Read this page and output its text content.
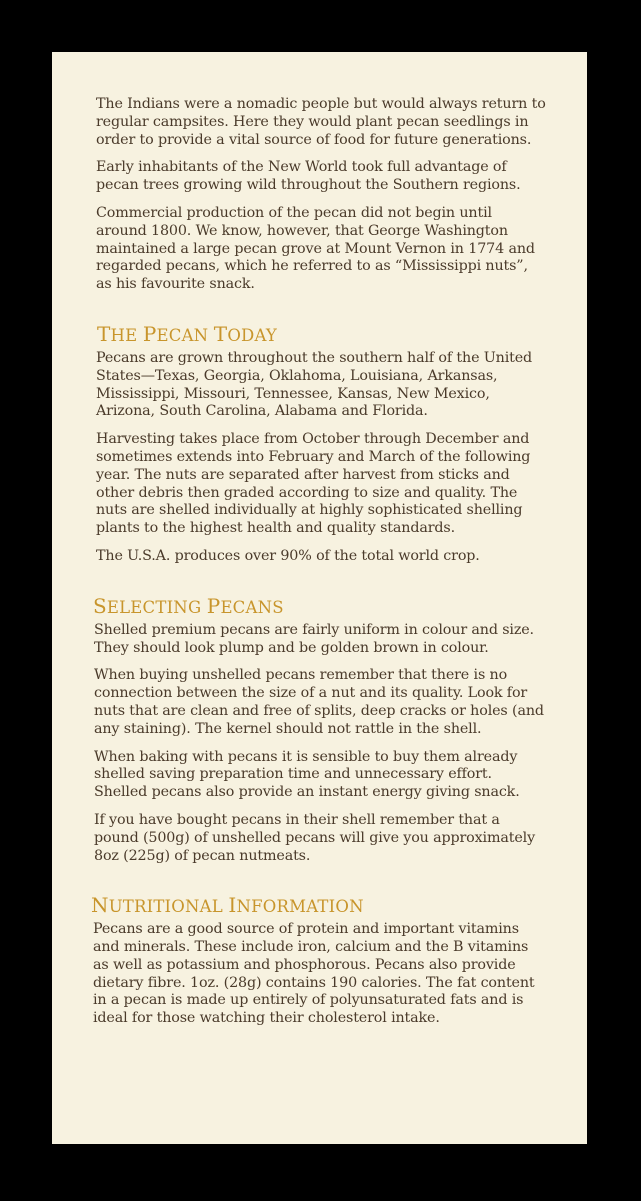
The Indians were a nomadic people but would always return to regular campsites. Here they would plant pecan seedlings in order to provide a vital source of food for future generations.

Early inhabitants of the New World took full advantage of pecan trees growing wild throughout the Southern regions.

Commercial production of the pecan did not begin until around 1800. We know, however, that George Washington maintained a large pecan grove at Mount Vernon in 1774 and regarded pecans, which he referred to as “Mississippi nuts”, as his favourite snack.

THE PECAN TODAY

Pecans are grown throughout the southern half of the United States—Texas, Georgia, Oklahoma, Louisiana, Arkansas, Mississippi, Missouri, Tennessee, Kansas, New Mexico, Arizona, South Carolina, Alabama and Florida.

Harvesting takes place from October through December and sometimes extends into February and March of the following year. The nuts are separated after harvest from sticks and other debris then graded according to size and quality. The nuts are shelled individually at highly sophisticated shelling plants to the highest health and quality standards.

The U.S.A. produces over 90% of the total world crop.

SELECTING PECANS

Shelled premium pecans are fairly uniform in colour and size. They should look plump and be golden brown in colour.

When buying unshelled pecans remember that there is no connection between the size of a nut and its quality. Look for nuts that are clean and free of splits, deep cracks or holes (and any staining). The kernel should not rattle in the shell.

When baking with pecans it is sensible to buy them already shelled saving preparation time and unnecessary effort. Shelled pecans also provide an instant energy giving snack.

If you have bought pecans in their shell remember that a pound (500g) of unshelled pecans will give you approximately 8oz (225g) of pecan nutmeats.

NUTRITIONAL INFORMATION

Pecans are a good source of protein and important vitamins and minerals. These include iron, calcium and the B vitamins as well as potassium and phosphorous. Pecans also provide dietary fibre. 1oz. (28g) contains 190 calories. The fat content in a pecan is made up entirely of polyunsaturated fats and is ideal for those watching their cholesterol intake.
